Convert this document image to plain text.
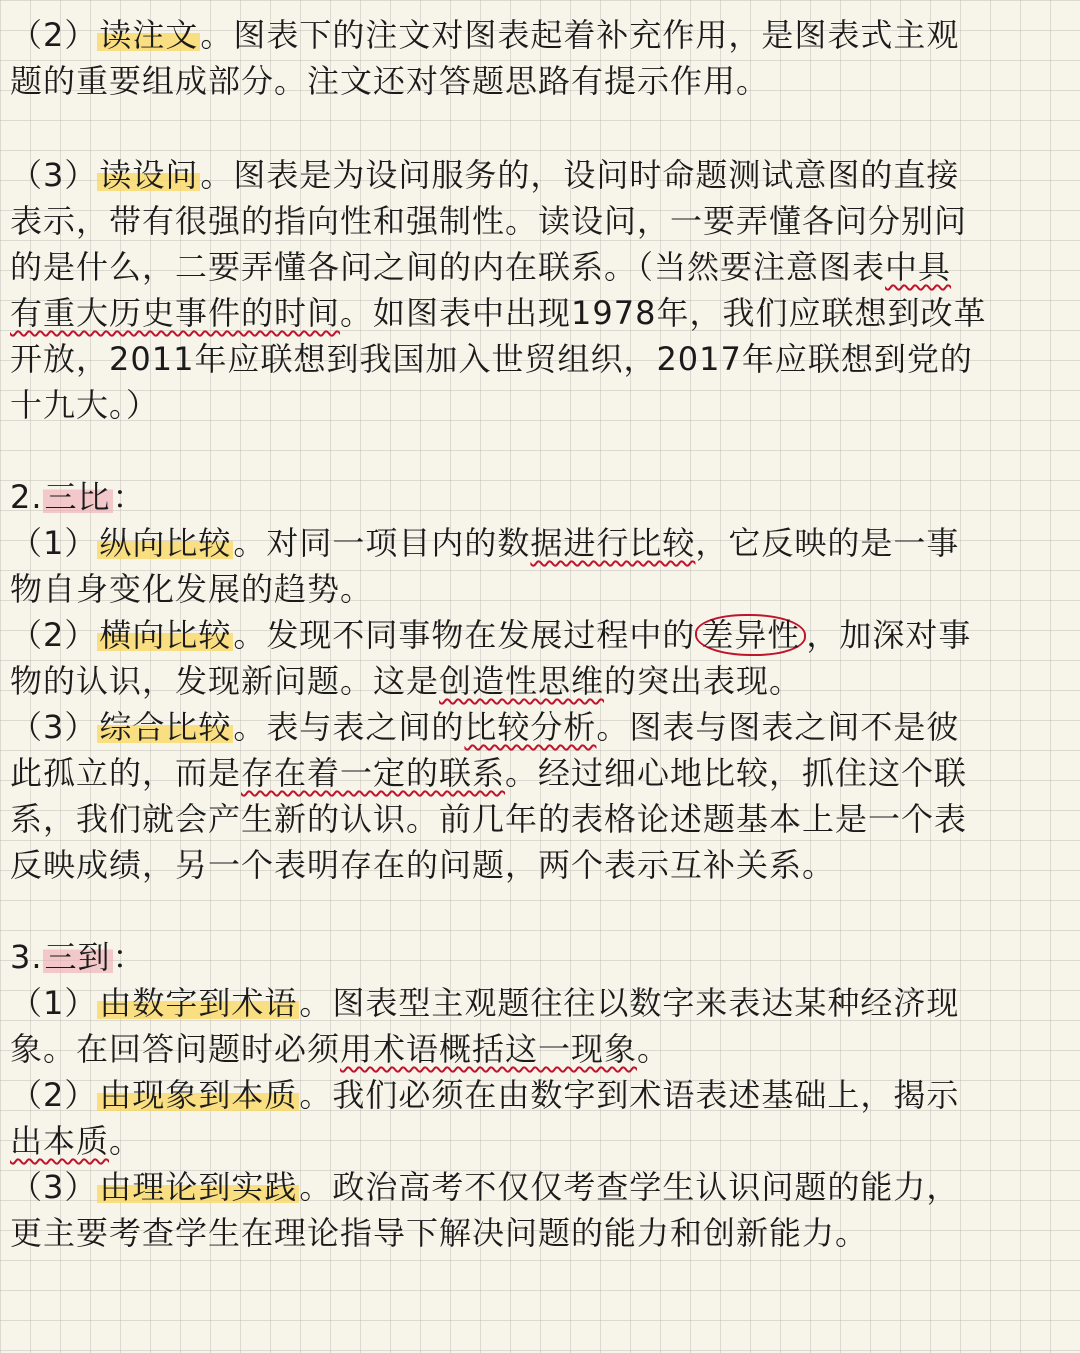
（2）读注文。图表下的注文对图表起着补充作用，是图表式主观
题的重要组成部分。注文还对答题思路有提示作用。
（3）读设问。图表是为设问服务的，设问时命题测试意图的直接
表示，带有很强的指向性和强制性。读设问，一要弄懂各问分别问
的是什么，二要弄懂各问之间的内在联系。（当然要注意图表中具
有重大历史事件的时间。如图表中出现1978年，我们应联想到改革
开放，2011年应联想到我国加入世贸组织，2017年应联想到党的
十九大。）
2.三比：
（1）纵向比较。对同一项目内的数据进行比较，它反映的是一事
物自身变化发展的趋势。
（2）横向比较。发现不同事物在发展过程中的 差异性 ，加深对事
物的认识，发现新问题。这是创造性思维的突出表现。
（3）综合比较。表与表之间的比较分析。图表与图表之间不是彼
此孤立的，而是存在着一定的联系。经过细心地比较，抓住这个联
系，我们就会产生新的认识。前几年的表格论述题基本上是一个表
反映成绩，另一个表明存在的问题，两个表示互补关系。
3.三到：
（1）由数字到术语。图表型主观题往往以数字来表达某种经济现
象。在回答问题时必须用术语概括这一现象。
（2）由现象到本质。我们必须在由数字到术语表述基础上，揭示
出本质。
（3）由理论到实践。政治高考不仅仅考查学生认识问题的能力，
更主要考查学生在理论指导下解决问题的能力和创新能力。
